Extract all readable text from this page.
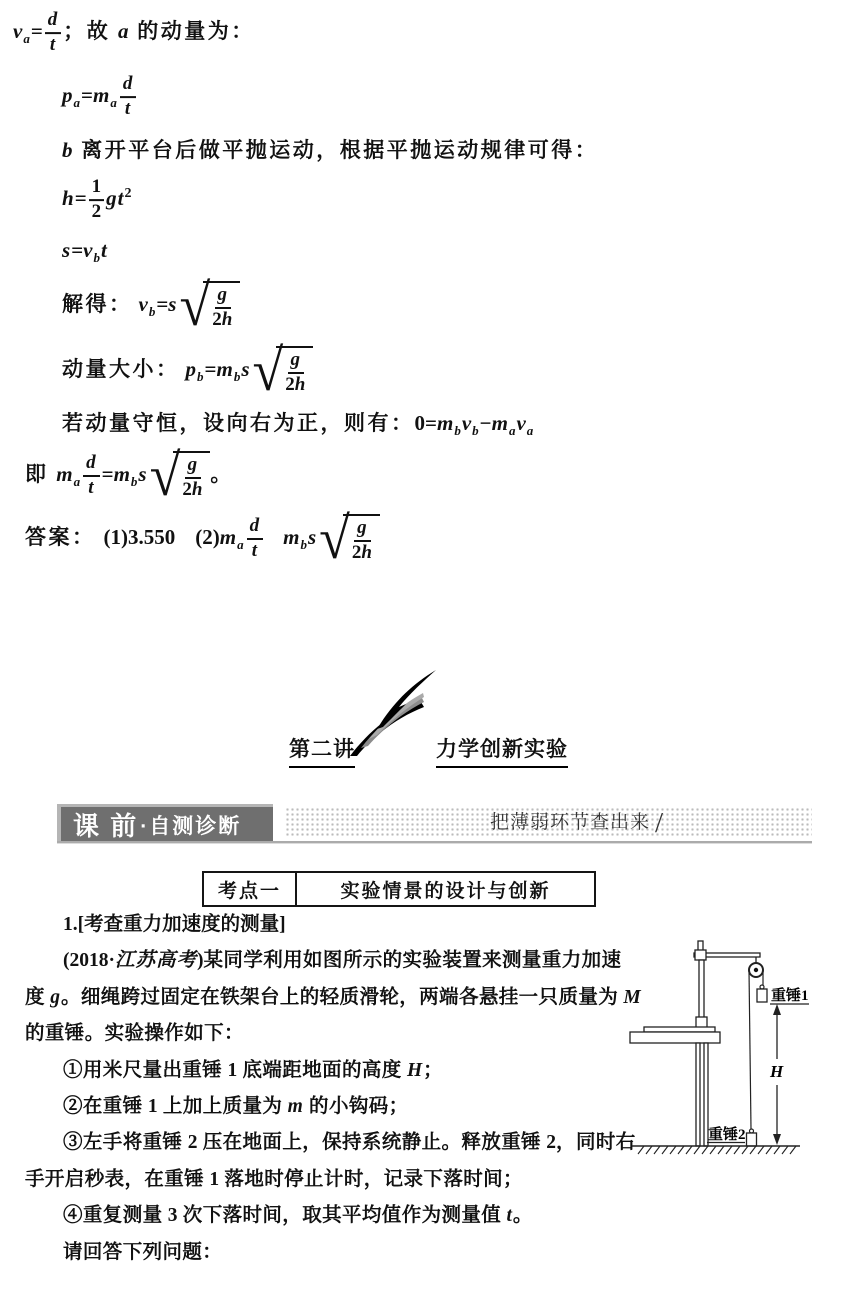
$v_a= \frac{d}{t}$ ；故 a 的动量为：
$p_a=m_a \frac{d}{t}$
b 离开平台后做平抛运动，根据平抛运动规律可得：
$h= \frac{1}{2} gt^2$
$s=v_bt$
解得： $v_b=s$ √ $\frac{g}{2h}$
动量大小： $p_b=m_bs$ √ $\frac{g}{2h}$
若动量守恒，设向右为正，则有：$0=m_bv_b-m_av_a$
即 $m_a \frac{d}{t} =m_bs$ √ $\frac{g}{2h}$ 。
答案： (1)3.550 $(2)m_a \frac{d}{t} m_bs$ √ $\frac{g}{2h}$
第二讲	力学创新实验
课 前 ·自测诊断	把薄弱环节查出来 /
考点一	实验情景的设计与创新
1.[考查重力加速度的测量]
(2018·江苏高考)某同学利用如图所示的实验装置来测量重力加速
度 g。细绳跨过固定在铁架台上的轻质滑轮，两端各悬挂一只质量为 M
的重锤。实验操作如下：
①用米尺量出重锤 1 底端距地面的高度 H；
②在重锤 1 上加上质量为 m 的小钩码；
③左手将重锤 2 压在地面上，保持系统静止。释放重锤 2，同时右
手开启秒表，在重锤 1 落地时停止计时，记录下落时间；
④重复测量 3 次下落时间，取其平均值作为测量值 t。
请回答下列问题：
重锤1
H
重锤2
